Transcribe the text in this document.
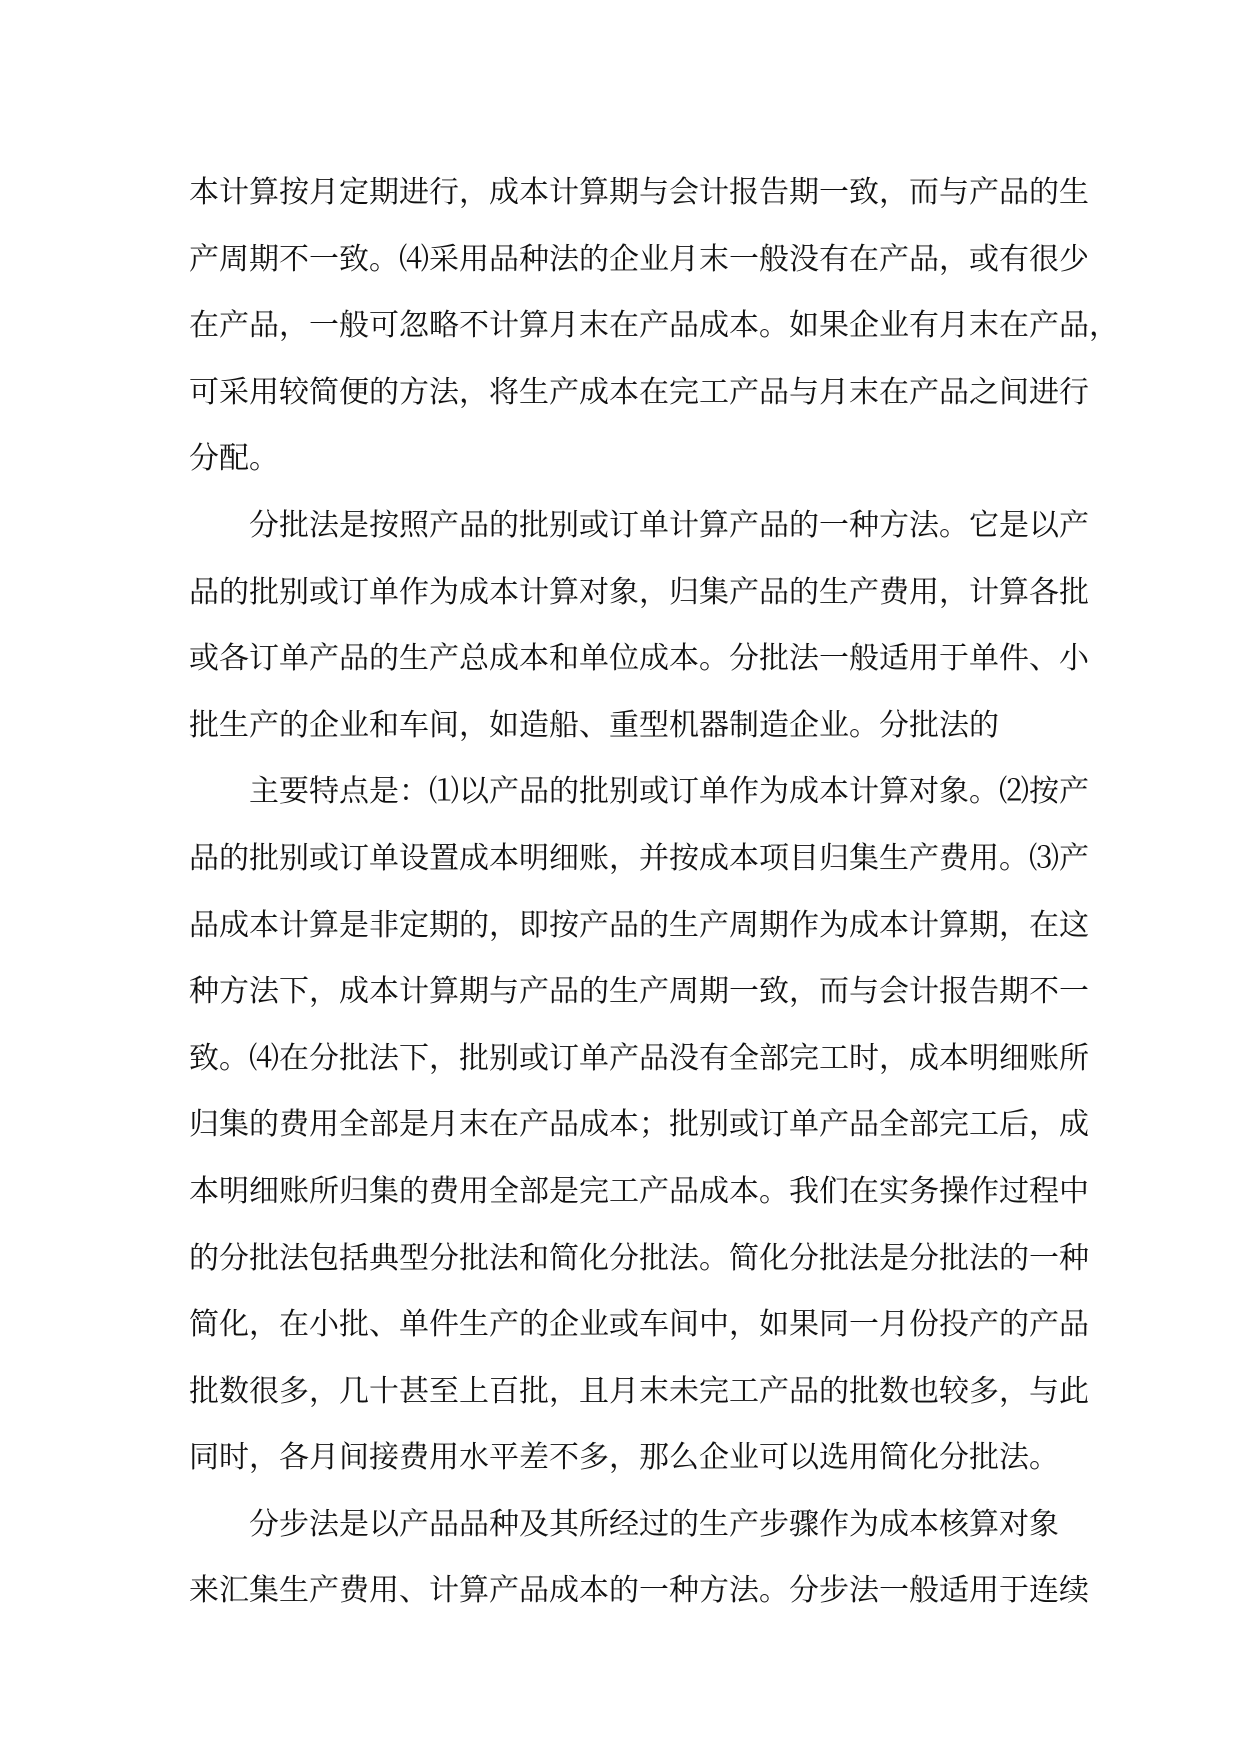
本计算按月定期进行，成本计算期与会计报告期一致，而与产品的生
产周期不一致。⑷采用品种法的企业月末一般没有在产品，或有很少
在产品，一般可忽略不计算月末在产品成本。如果企业有月末在产品，
可采用较简便的方法，将生产成本在完工产品与月末在产品之间进行
分配。
分批法是按照产品的批别或订单计算产品的一种方法。它是以产
品的批别或订单作为成本计算对象，归集产品的生产费用，计算各批
或各订单产品的生产总成本和单位成本。分批法一般适用于单件、小
批生产的企业和车间，如造船、重型机器制造企业。分批法的
主要特点是：⑴以产品的批别或订单作为成本计算对象。⑵按产
品的批别或订单设置成本明细账，并按成本项目归集生产费用。⑶产
品成本计算是非定期的，即按产品的生产周期作为成本计算期，在这
种方法下，成本计算期与产品的生产周期一致，而与会计报告期不一
致。⑷在分批法下，批别或订单产品没有全部完工时，成本明细账所
归集的费用全部是月末在产品成本；批别或订单产品全部完工后，成
本明细账所归集的费用全部是完工产品成本。我们在实务操作过程中
的分批法包括典型分批法和简化分批法。简化分批法是分批法的一种
简化，在小批、单件生产的企业或车间中，如果同一月份投产的产品
批数很多，几十甚至上百批，且月末未完工产品的批数也较多，与此
同时，各月间接费用水平差不多，那么企业可以选用简化分批法。
分步法是以产品品种及其所经过的生产步骤作为成本核算对象
来汇集生产费用、计算产品成本的一种方法。分步法一般适用于连续
